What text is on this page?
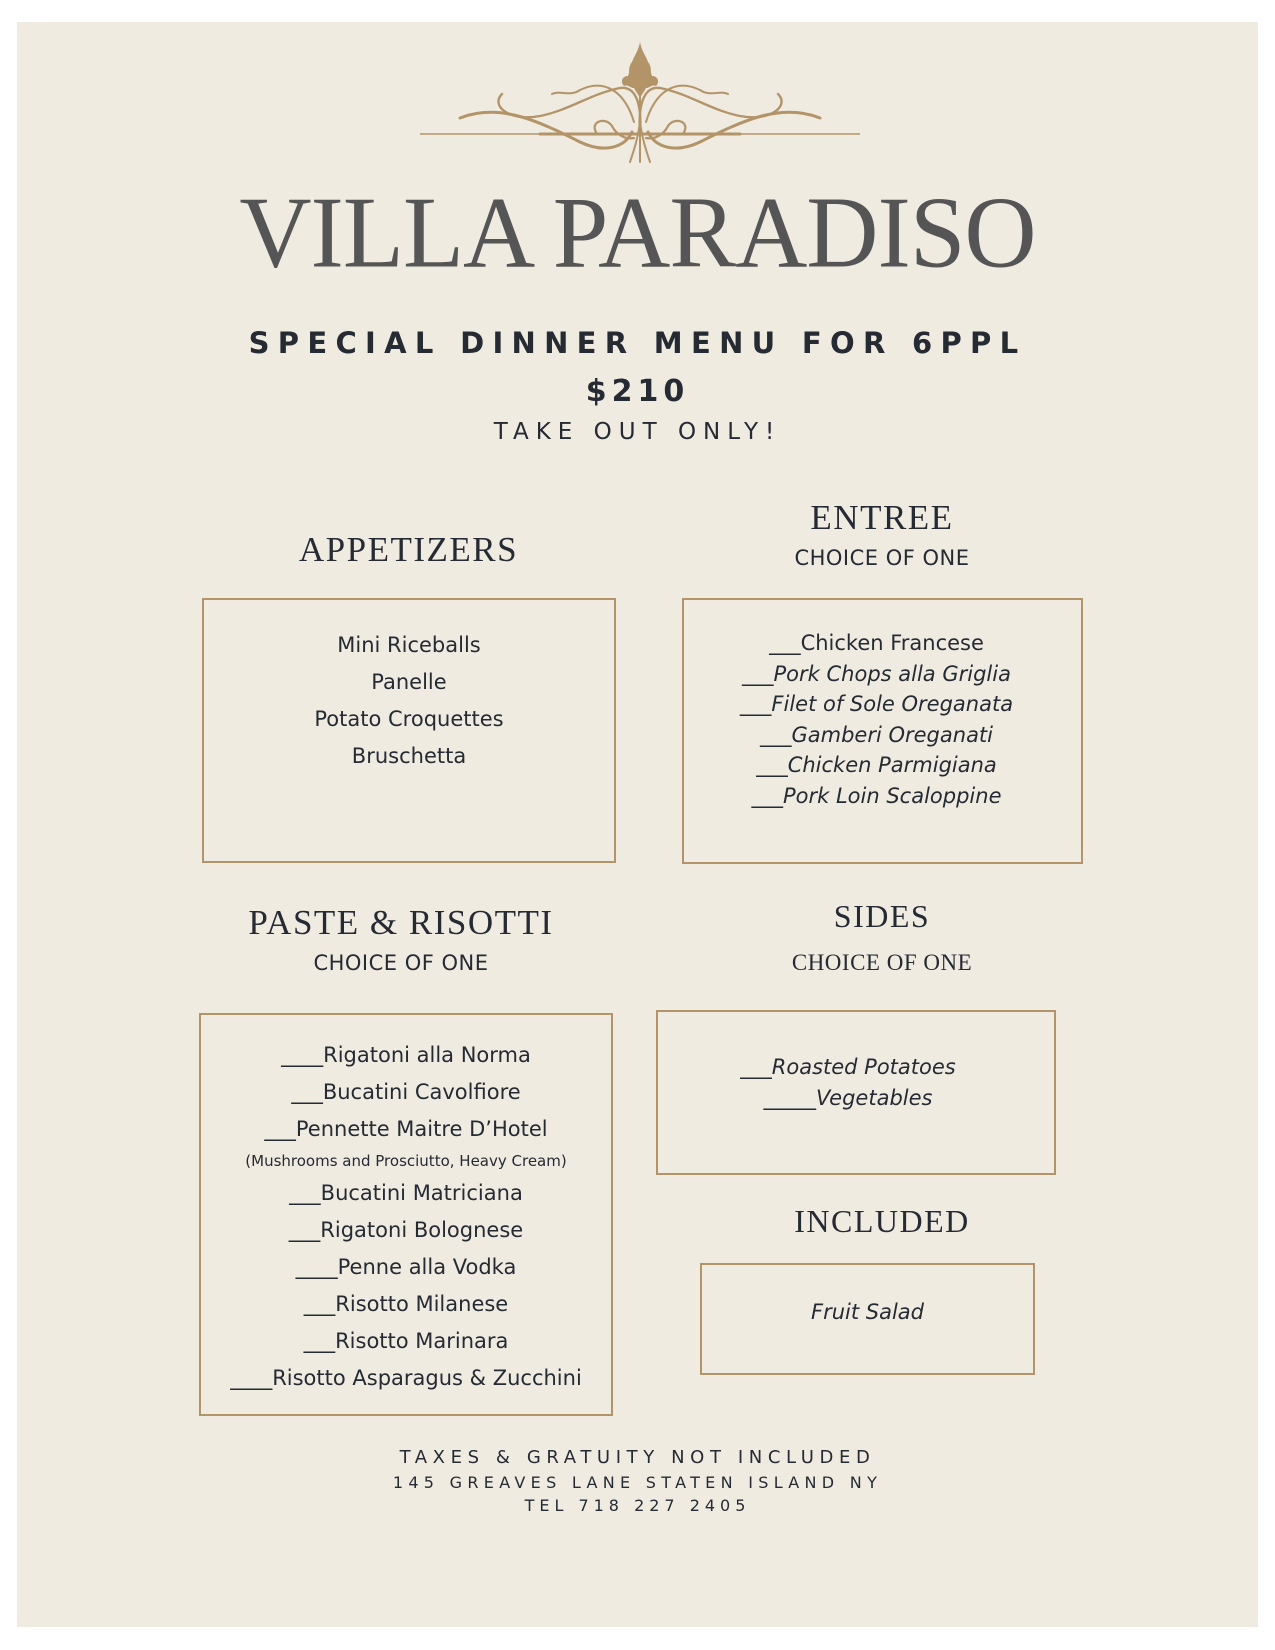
VILLA PARADISO
SPECIAL DINNER MENU FOR 6PPL
$210
TAKE OUT ONLY!
APPETIZERS
Mini Riceballs
Panelle
Potato Croquettes
Bruschetta
ENTREE
CHOICE OF ONE
___Chicken Francese
___Pork Chops alla Griglia
___Filet of Sole Oreganata
___Gamberi Oreganati
___Chicken Parmigiana
___Pork Loin Scaloppine
PASTE & RISOTTI
CHOICE OF ONE
____Rigatoni alla Norma
___Bucatini Cavolfiore
___Pennette Maitre D’Hotel
(Mushrooms and Prosciutto, Heavy Cream)
___Bucatini Matriciana
___Rigatoni Bolognese
____Penne alla Vodka
___Risotto Milanese
___Risotto Marinara
____Risotto Asparagus & Zucchini
SIDES
CHOICE OF ONE
___Roasted Potatoes
_____Vegetables
INCLUDED
Fruit Salad
TAXES & GRATUITY NOT INCLUDED
145 GREAVES LANE STATEN ISLAND NY
TEL 718 227 2405
